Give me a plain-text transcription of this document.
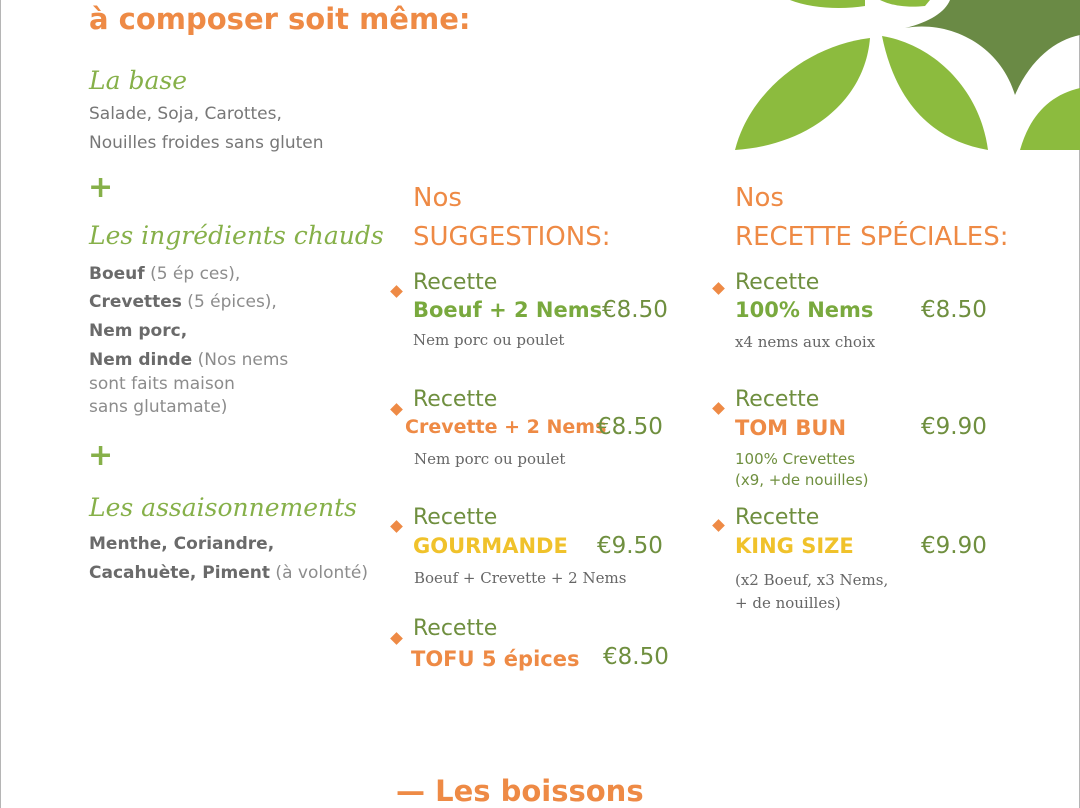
à composer soit même:
La base
Salade, Soja, Carottes,
Nouilles froides sans gluten
+
Les ingrédients chauds
Boeuf (5 ép ces),
Crevettes (5 épices),
Nem porc,
Nem dinde (Nos nems
sont faits maison
sans glutamate)
+
Les assaisonnements
Menthe, Coriandre,
Cacahuète, Piment (à volonté)
Nos
SUGGESTIONS:
Recette
Boeuf + 2 Nems €8.50
Nem porc ou poulet
Recette
Crevette + 2 Nems
€8.50
Nem porc ou poulet
Recette
GOURMANDE €9.50
Boeuf + Crevette + 2 Nems
Recette
TOFU 5 épices €8.50
Nos
RECETTE SPÉCIALES:
Recette
100% Nems €8.50
x4 nems aux choix
Recette
TOM BUN	€9.90
100% Crevettes
(x9, +de nouilles)
Recette
KING SIZE	€9.90
(x2 Boeuf, x3 Nems,
+ de nouilles)
— Les boissons
